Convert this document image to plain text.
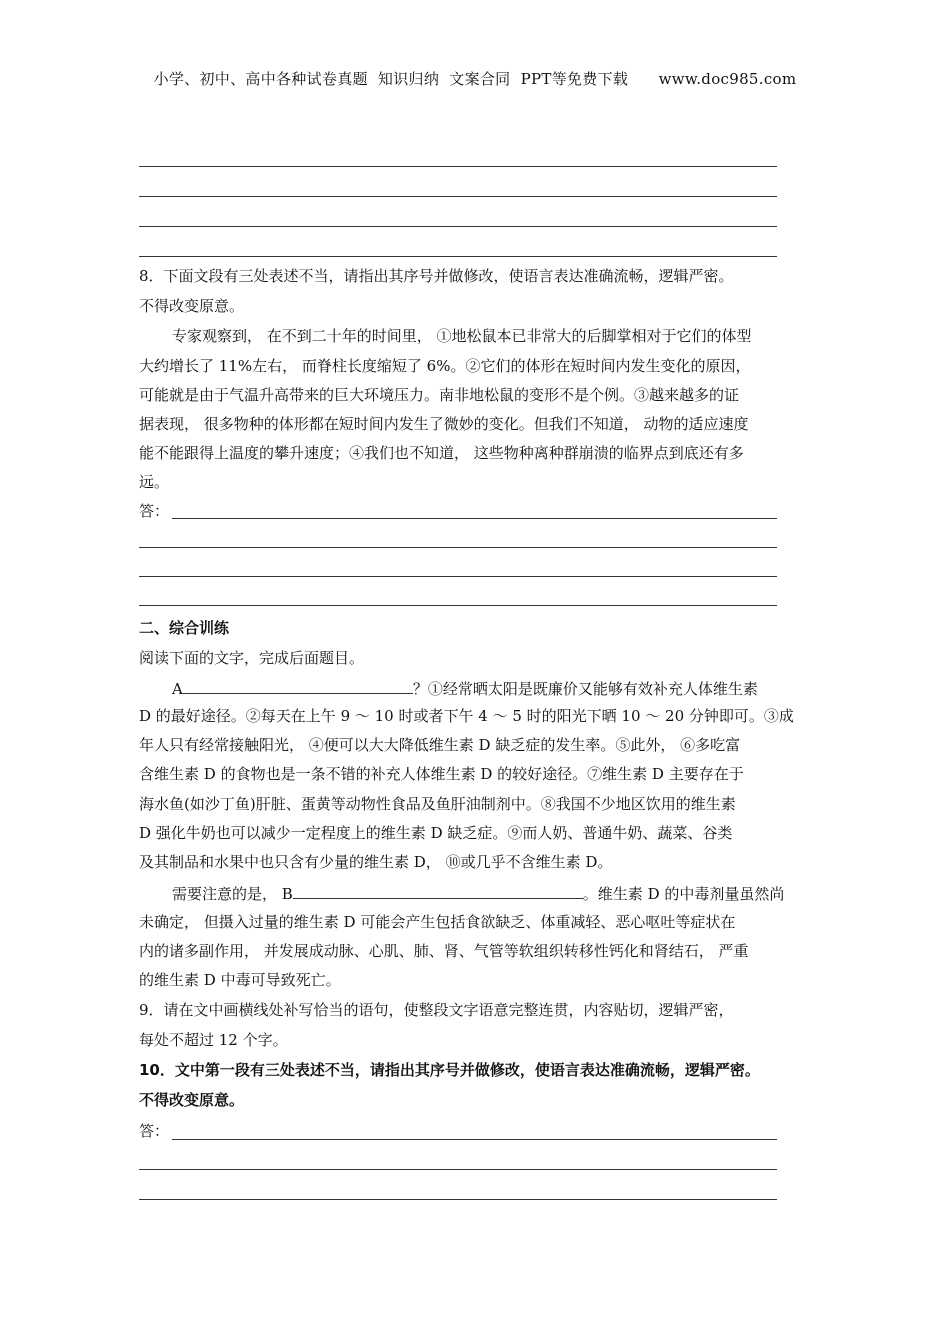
小学、初中、高中各种试卷真题  知识归纳  文案合同  PPT等免费下载      www.doc985.com
8．下面文段有三处表述不当，请指出其序号并做修改，使语言表达准确流畅，逻辑严密。
不得改变原意。
专家观察到， 在不到二十年的时间里， ①地松鼠本已非常大的后脚掌相对于它们的体型
大约增长了 11%左右， 而脊柱长度缩短了 6%。②它们的体形在短时间内发生变化的原因，
可能就是由于气温升高带来的巨大环境压力。南非地松鼠的变形不是个例。③越来越多的证
据表现， 很多物种的体形都在短时间内发生了微妙的变化。但我们不知道， 动物的适应速度
能不能跟得上温度的攀升速度；④我们也不知道， 这些物种离种群崩溃的临界点到底还有多
远。
答：
二、综合训练
阅读下面的文字，完成后面题目。
A	？①经常晒太阳是既廉价又能够有效补充人体维生素
D 的最好途径。②每天在上午 9 ～ 10 时或者下午 4 ～ 5 时的阳光下晒 10 ～ 20 分钟即可。③成
年人只有经常接触阳光， ④便可以大大降低维生素 D 缺乏症的发生率。⑤此外， ⑥多吃富
含维生素 D 的食物也是一条不错的补充人体维生素 D 的较好途径。⑦维生素 D 主要存在于
海水鱼(如沙丁鱼)肝脏、蛋黄等动物性食品及鱼肝油制剂中。⑧我国不少地区饮用的维生素
D 强化牛奶也可以减少一定程度上的维生素 D 缺乏症。⑨而人奶、普通牛奶、蔬菜、谷类
及其制品和水果中也只含有少量的维生素 D， ⑩或几乎不含维生素 D。
需要注意的是， B	。维生素 D 的中毒剂量虽然尚
未确定， 但摄入过量的维生素 D 可能会产生包括食欲缺乏、体重减轻、恶心呕吐等症状在
内的诸多副作用， 并发展成动脉、心肌、肺、肾、气管等软组织转移性钙化和肾结石， 严重
的维生素 D 中毒可导致死亡。
9．请在文中画横线处补写恰当的语句，使整段文字语意完整连贯，内容贴切，逻辑严密，
每处不超过 12 个字。
10．文中第一段有三处表述不当，请指出其序号并做修改，使语言表达准确流畅，逻辑严密。
不得改变原意。
答：
